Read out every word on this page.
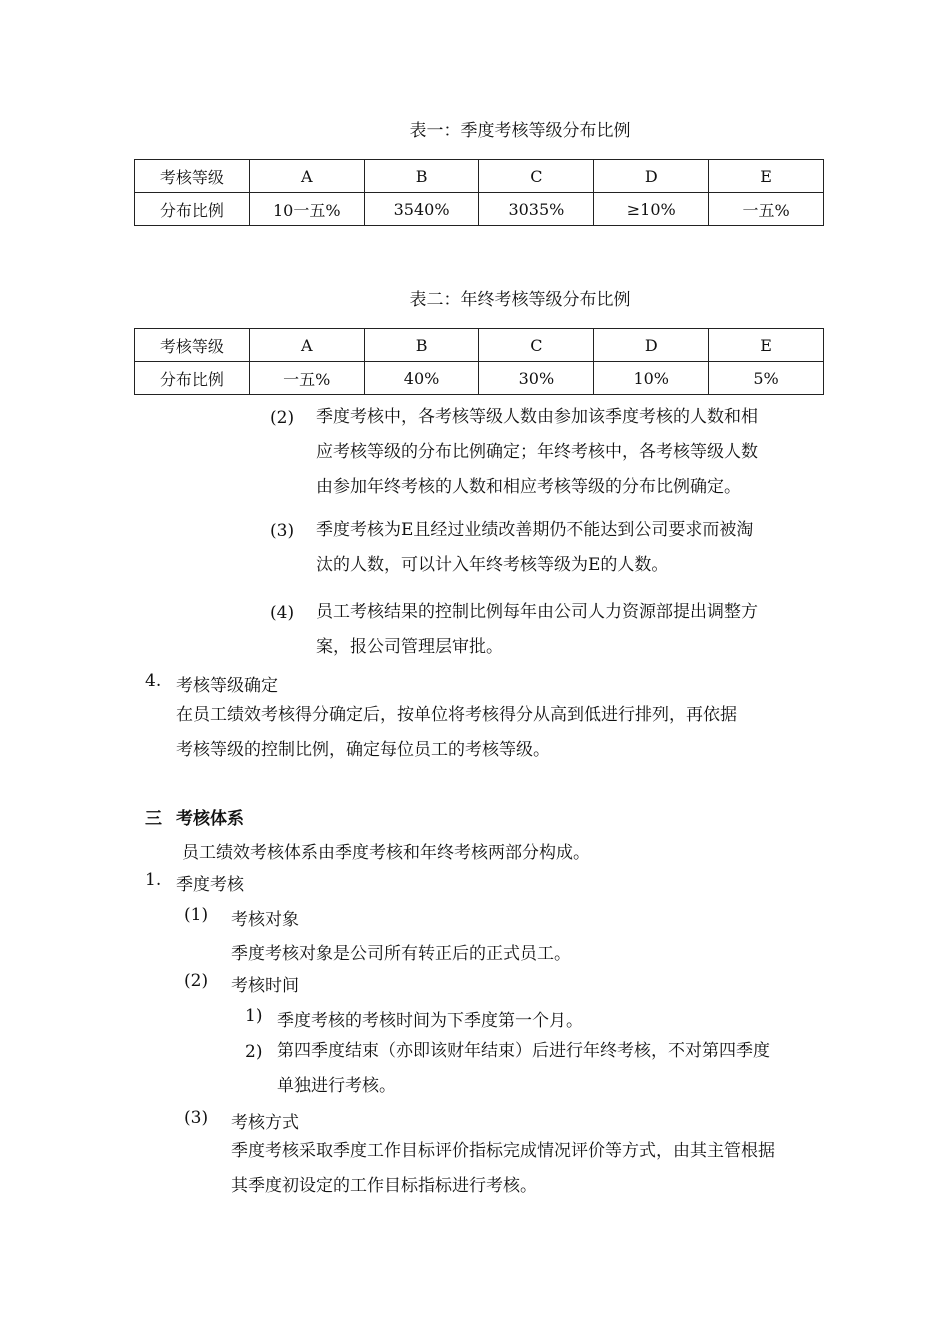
表一：季度考核等级分布比例
考核等级	A	B	C	D	E
分布比例	10一五%	3540%	3035%	≥10%	一五%
表二：年终考核等级分布比例
考核等级	A	B	C	D	E
分布比例	一五%	40%	30%	10%	5%
(2) 季度考核中，各考核等级人数由参加该季度考核的人数和相
应考核等级的分布比例确定；年终考核中，各考核等级人数
由参加年终考核的人数和相应考核等级的分布比例确定。
(3) 季度考核为E且经过业绩改善期仍不能达到公司要求而被淘
汰的人数，可以计入年终考核等级为E的人数。
(4) 员工考核结果的控制比例每年由公司人力资源部提出调整方
案，报公司管理层审批。
4. 考核等级确定
在员工绩效考核得分确定后，按单位将考核得分从高到低进行排列，再依据
考核等级的控制比例，确定每位员工的考核等级。
三 考核体系
员工绩效考核体系由季度考核和年终考核两部分构成。
1. 季度考核
(1) 考核对象
季度考核对象是公司所有转正后的正式员工。
(2) 考核时间
1) 季度考核的考核时间为下季度第一个月。
2) 第四季度结束（亦即该财年结束）后进行年终考核，不对第四季度
单独进行考核。
(3) 考核方式
季度考核采取季度工作目标评价指标完成情况评价等方式，由其主管根据
其季度初设定的工作目标指标进行考核。
